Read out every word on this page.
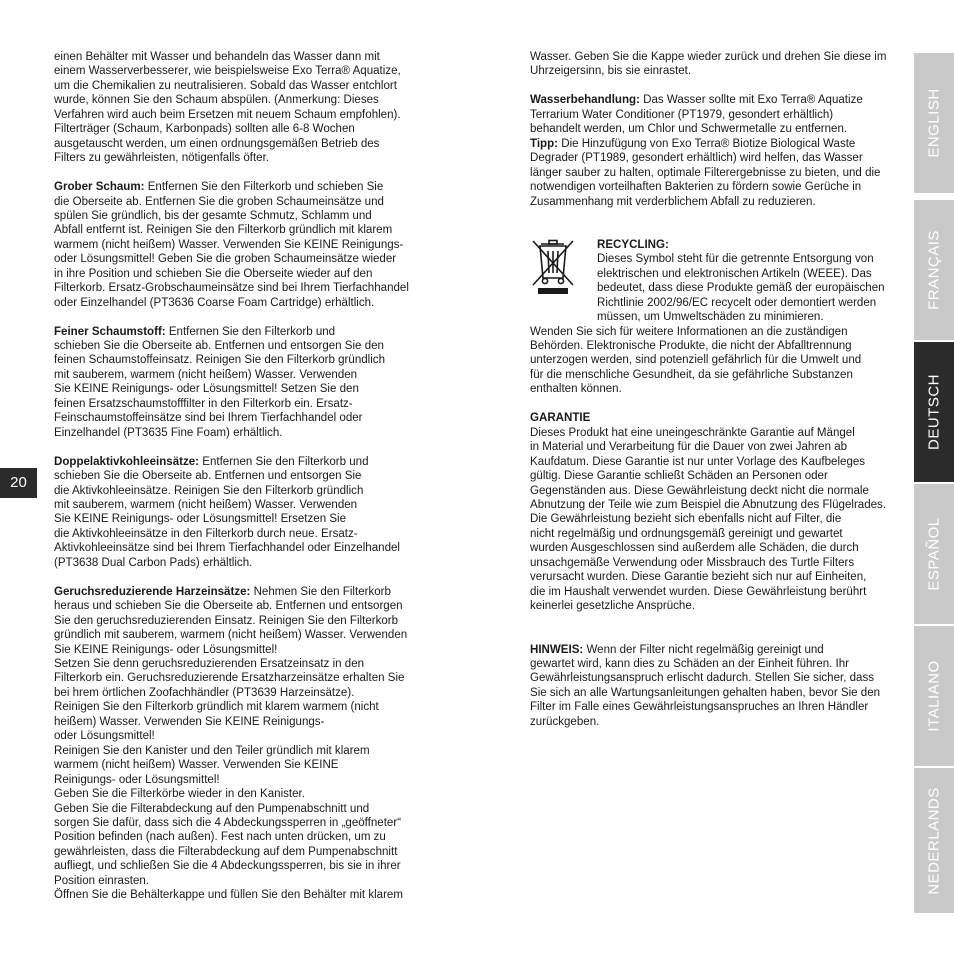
einen Behälter mit Wasser und behandeln das Wasser dann mit
einem Wasserverbesserer, wie beispielsweise Exo Terra® Aquatize,
um die Chemikalien zu neutralisieren. Sobald das Wasser entchlort
wurde, können Sie den Schaum abspülen. (Anmerkung: Dieses
Verfahren wird auch beim Ersetzen mit neuem Schaum empfohlen).
Filterträger (Schaum, Karbonpads) sollten alle 6-8 Wochen
ausgetauscht werden, um einen ordnungsgemäßen Betrieb des
Filters zu gewährleisten, nötigenfalls öfter.

Grober Schaum: Entfernen Sie den Filterkorb und schieben Sie
die Oberseite ab. Entfernen Sie die groben Schaumeinsätze und
spülen Sie gründlich, bis der gesamte Schmutz, Schlamm und
Abfall entfernt ist. Reinigen Sie den Filterkorb gründlich mit klarem
warmem (nicht heißem) Wasser. Verwenden Sie KEINE Reinigungs-
oder Lösungsmittel! Geben Sie die groben Schaumeinsätze wieder
in ihre Position und schieben Sie die Oberseite wieder auf den
Filterkorb. Ersatz-Grobschaumeinsätze sind bei Ihrem Tierfachhandel
oder Einzelhandel (PT3636 Coarse Foam Cartridge) erhältlich.

Feiner Schaumstoff: Entfernen Sie den Filterkorb und
schieben Sie die Oberseite ab. Entfernen und entsorgen Sie den
feinen Schaumstoffeinsatz. Reinigen Sie den Filterkorb gründlich
mit sauberem, warmem (nicht heißem) Wasser. Verwenden
Sie KEINE Reinigungs- oder Lösungsmittel! Setzen Sie den
feinen Ersatzschaumstofffilter in den Filterkorb ein. Ersatz-
Feinschaumstoffeinsätze sind bei Ihrem Tierfachhandel oder
Einzelhandel (PT3635 Fine Foam) erhältlich.

Doppelaktivkohleeinsätze: Entfernen Sie den Filterkorb und
schieben Sie die Oberseite ab. Entfernen und entsorgen Sie
die Aktivkohleeinsätze. Reinigen Sie den Filterkorb gründlich
mit sauberem, warmem (nicht heißem) Wasser. Verwenden
Sie KEINE Reinigungs- oder Lösungsmittel! Ersetzen Sie
die Aktivkohleeinsätze in den Filterkorb durch neue. Ersatz-
Aktivkohleeinsätze sind bei Ihrem Tierfachhandel oder Einzelhandel
(PT3638 Dual Carbon Pads) erhältlich.

Geruchsreduzierende Harzeinsätze: Nehmen Sie den Filterkorb
heraus und schieben Sie die Oberseite ab. Entfernen und entsorgen
Sie den geruchsreduzierenden Einsatz. Reinigen Sie den Filterkorb
gründlich mit sauberem, warmem (nicht heißem) Wasser. Verwenden
Sie KEINE Reinigungs- oder Lösungsmittel!
Setzen Sie denn geruchsreduzierenden Ersatzeinsatz in den
Filterkorb ein. Geruchsreduzierende Ersatzharzeinsätze erhalten Sie
bei hrem örtlichen Zoofachhändler (PT3639 Harzeinsätze).
Reinigen Sie den Filterkorb gründlich mit klarem warmem (nicht
heißem) Wasser. Verwenden Sie KEINE Reinigungs-
oder Lösungsmittel!
Reinigen Sie den Kanister und den Teiler gründlich mit klarem
warmem (nicht heißem) Wasser. Verwenden Sie KEINE
Reinigungs- oder Lösungsmittel!
Geben Sie die Filterkörbe wieder in den Kanister.
Geben Sie die Filterabdeckung auf den Pumpenabschnitt und
sorgen Sie dafür, dass sich die 4 Abdeckungssperren in „geöffneter“
Position befinden (nach außen). Fest nach unten drücken, um zu
gewährleisten, dass die Filterabdeckung auf dem Pumpenabschnitt
aufliegt, und schließen Sie die 4 Abdeckungssperren, bis sie in ihrer
Position einrasten.
Öffnen Sie die Behälterkappe und füllen Sie den Behälter mit klarem

Wasser. Geben Sie die Kappe wieder zurück und drehen Sie diese im
Uhrzeigersinn, bis sie einrastet.

Wasserbehandlung: Das Wasser sollte mit Exo Terra® Aquatize
Terrarium Water Conditioner (PT1979, gesondert erhältlich)
behandelt werden, um Chlor und Schwermetalle zu entfernen.

Tipp: Die Hinzufügung von Exo Terra® Biotize Biological Waste
Degrader (PT1989, gesondert erhältlich) wird helfen, das Wasser
länger sauber zu halten, optimale Filterergebnisse zu bieten, und die
notwendigen vorteilhaften Bakterien zu fördern sowie Gerüche in
Zusammenhang mit verderblichem Abfall zu reduzieren.

RECYCLING:
Dieses Symbol steht für die getrennte Entsorgung von
elektrischen und elektronischen Artikeln (WEEE). Das
bedeutet, dass diese Produkte gemäß der europäischen
Richtlinie 2002/96/EC recycelt oder demontiert werden
müssen, um Umweltschäden zu minimieren.

Wenden Sie sich für weitere Informationen an die zuständigen
Behörden. Elektronische Produkte, die nicht der Abfalltrennung
unterzogen werden, sind potenziell gefährlich für die Umwelt und
für die menschliche Gesundheit, da sie gefährliche Substanzen
enthalten können.

GARANTIE
Dieses Produkt hat eine uneingeschränkte Garantie auf Mängel
in Material und Verarbeitung für die Dauer von zwei Jahren ab
Kaufdatum. Diese Garantie ist nur unter Vorlage des Kaufbeleges
gültig. Diese Garantie schließt Schäden an Personen oder
Gegenständen aus. Diese Gewährleistung deckt nicht die normale
Abnutzung der Teile wie zum Beispiel die Abnutzung des Flügelrades.
Die Gewährleistung bezieht sich ebenfalls nicht auf Filter, die
nicht regelmäßig und ordnungsgemäß gereinigt und gewartet
wurden Ausgeschlossen sind außerdem alle Schäden, die durch
unsachgemäße Verwendung oder Missbrauch des Turtle Filters
verursacht wurden. Diese Garantie bezieht sich nur auf Einheiten,
die im Haushalt verwendet wurden. Diese Gewährleistung berührt
keinerlei gesetzliche Ansprüche.

HINWEIS: Wenn der Filter nicht regelmäßig gereinigt und
gewartet wird, kann dies zu Schäden an der Einheit führen. Ihr
Gewährleistungsanspruch erlischt dadurch. Stellen Sie sicher, dass
Sie sich an alle Wartungsanleitungen gehalten haben, bevor Sie den
Filter im Falle eines Gewährleistungsanspruches an Ihren Händler
zurückgeben.

20
ENGLISH
FRANÇAIS
DEUTSCH
ESPAÑOL
ITALIANO
NEDERLANDS
